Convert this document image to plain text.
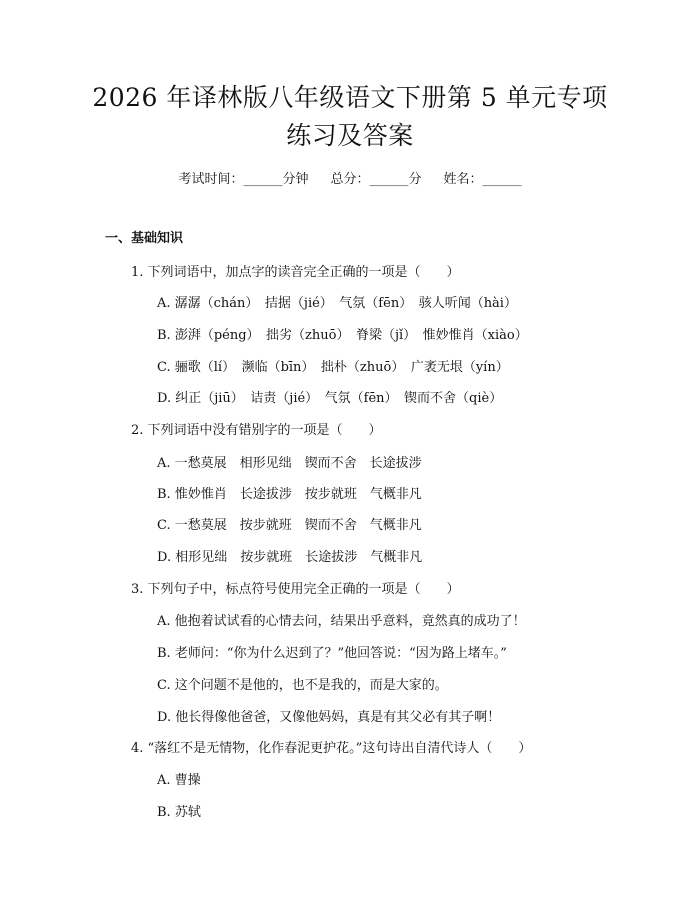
2026 年译林版八年级语文下册第 5 单元专项
练习及答案
考试时间：______分钟 总分：______分 姓名：______
一、基础知识
1. 下列词语中，加点字的读音完全正确的一项是（　　）
A. 潺潺（chán）　拮据（jié）　气氛（fēn）　骇人听闻（hài）
B. 澎湃（péng）　拙劣（zhuō）　脊梁（jǐ）　惟妙惟肖（xiào）
C. 骊歌（lí）　濒临（bīn）　拙朴（zhuō）　广袤无垠（yín）
D. 纠正（jiū）　诘责（jié）　气氛（fēn）　锲而不舍（qiè）
2. 下列词语中没有错别字的一项是（　　）
A. 一愁莫展　相形见绌　锲而不舍　长途拔涉
B. 惟妙惟肖　长途拔涉　按步就班　气概非凡
C. 一愁莫展　按步就班　锲而不舍　气概非凡
D. 相形见绌　按步就班　长途拔涉　气概非凡
3. 下列句子中，标点符号使用完全正确的一项是（　　）
A. 他抱着试试看的心情去问，结果出乎意料，竟然真的成功了！
B. 老师问：“你为什么迟到了？”他回答说：“因为路上堵车。”
C. 这个问题不是他的，也不是我的，而是大家的。
D. 他长得像他爸爸，又像他妈妈，真是有其父必有其子啊！
4. “落红不是无情物，化作春泥更护花。”这句诗出自清代诗人（　　）
A. 曹操
B. 苏轼
